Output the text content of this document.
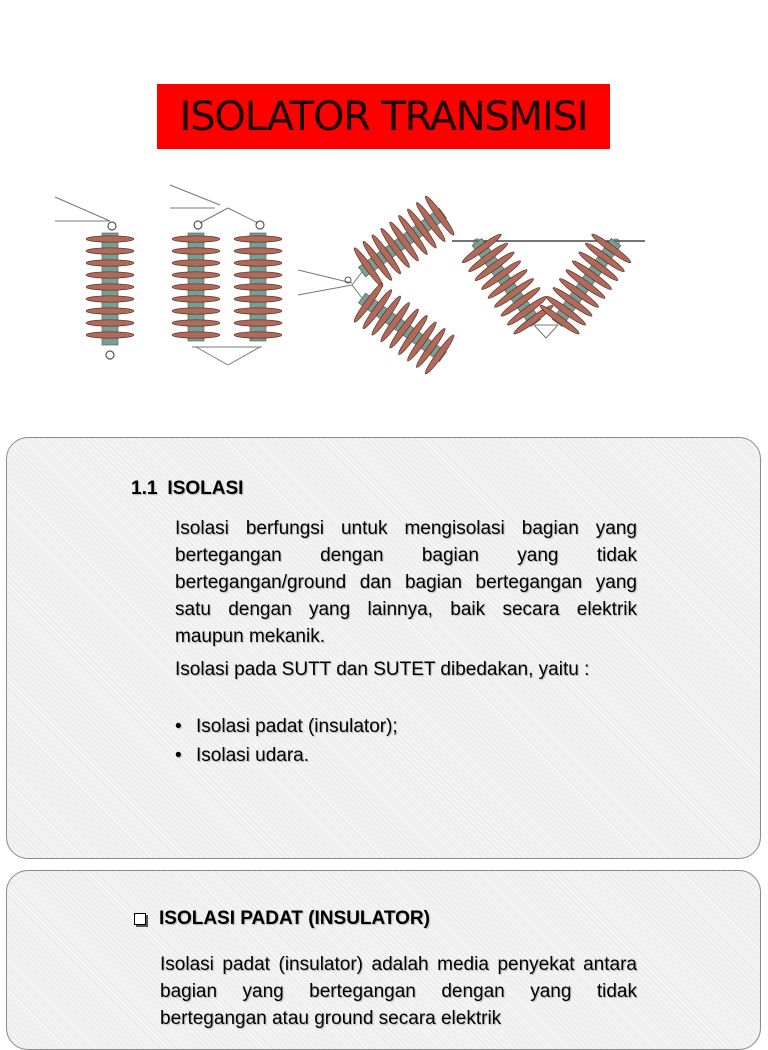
ISOLATOR TRANSMISI
1.1 ISOLASI
Isolasi berfungsi untuk mengisolasi bagian yang bertegangan dengan bagian yang tidak bertegangan/ground dan bagian bertegangan yang satu dengan yang lainnya, baik secara elektrik maupun mekanik.
Isolasi pada SUTT dan SUTET dibedakan, yaitu :
• Isolasi padat (insulator);
• Isolasi udara.
ISOLASI PADAT (INSULATOR)
Isolasi padat (insulator) adalah media penyekat antara bagian yang bertegangan dengan yang tidak bertegangan atau ground secara elektrik
